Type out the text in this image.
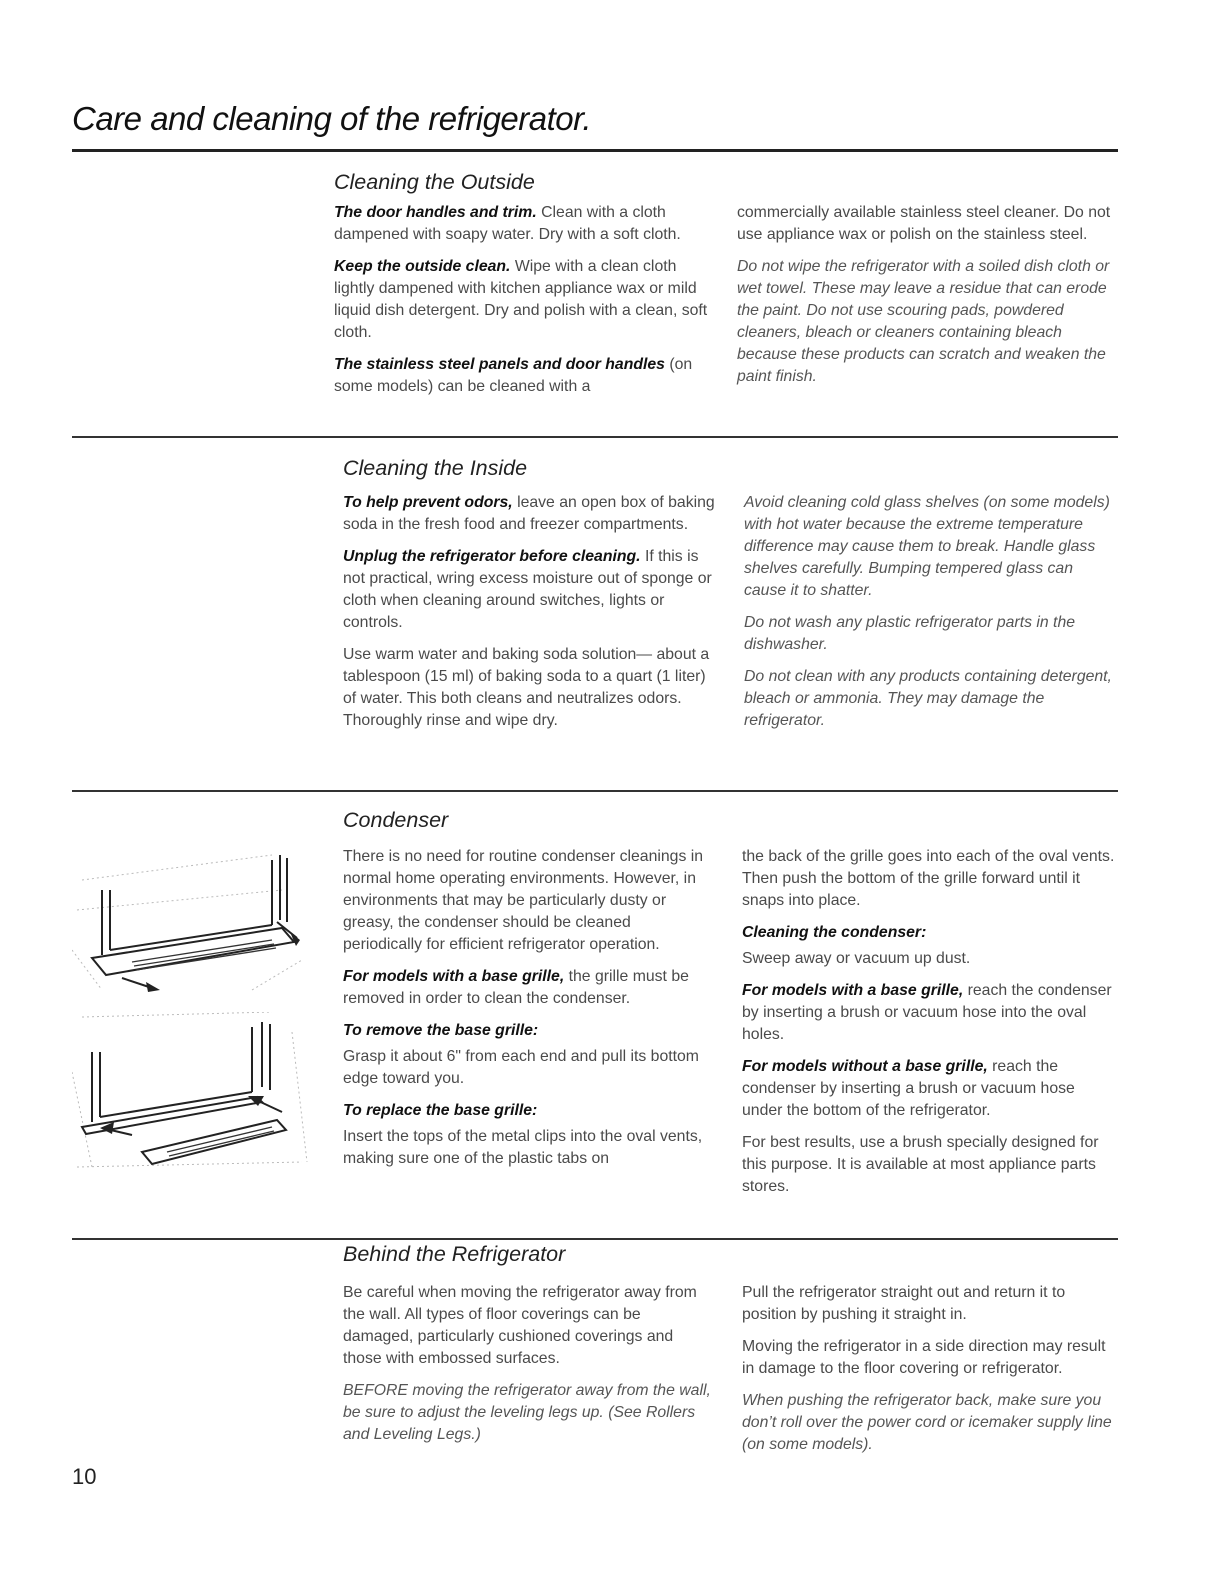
Care and cleaning of the refrigerator.
Cleaning the Outside

The door handles and trim. Clean with a cloth dampened with soapy water. Dry with a soft cloth.

Keep the outside clean. Wipe with a clean cloth lightly dampened with kitchen appliance wax or mild liquid dish detergent. Dry and polish with a clean, soft cloth.

The stainless steel panels and door handles (on some models) can be cleaned with a

commercially available stainless steel cleaner. Do not use appliance wax or polish on the stainless steel.

Do not wipe the refrigerator with a soiled dish cloth or wet towel. These may leave a residue that can erode the paint. Do not use scouring pads, powdered cleaners, bleach or cleaners containing bleach because these products can scratch and weaken the paint finish.

Cleaning the Inside

To help prevent odors, leave an open box of baking soda in the fresh food and freezer compartments.

Unplug the refrigerator before cleaning. If this is not practical, wring excess moisture out of sponge or cloth when cleaning around switches, lights or controls.

Use warm water and baking soda solution— about a tablespoon (15 ml) of baking soda to a quart (1 liter) of water. This both cleans and neutralizes odors. Thoroughly rinse and wipe dry.

Avoid cleaning cold glass shelves (on some models) with hot water because the extreme temperature difference may cause them to break. Handle glass shelves carefully. Bumping tempered glass can cause it to shatter.

Do not wash any plastic refrigerator parts in the dishwasher.

Do not clean with any products containing detergent, bleach or ammonia. They may damage the refrigerator.

Condenser

There is no need for routine condenser cleanings in normal home operating environments. However, in environments that may be particularly dusty or greasy, the condenser should be cleaned periodically for efficient refrigerator operation.

For models with a base grille, the grille must be removed in order to clean the condenser.

To remove the base grille:

Grasp it about 6" from each end and pull its bottom edge toward you.

To replace the base grille:

Insert the tops of the metal clips into the oval vents, making sure one of the plastic tabs on

the back of the grille goes into each of the oval vents. Then push the bottom of the grille forward until it snaps into place.

Cleaning the condenser:

Sweep away or vacuum up dust.

For models with a base grille, reach the condenser by inserting a brush or vacuum hose into the oval holes.

For models without a base grille, reach the condenser by inserting a brush or vacuum hose under the bottom of the refrigerator.

For best results, use a brush specially designed for this purpose. It is available at most appliance parts stores.

Behind the Refrigerator

Be careful when moving the refrigerator away from the wall. All types of floor coverings can be damaged, particularly cushioned coverings and those with embossed surfaces.

BEFORE moving the refrigerator away from the wall, be sure to adjust the leveling legs up. (See Rollers and Leveling Legs.)

Pull the refrigerator straight out and return it to position by pushing it straight in.

Moving the refrigerator in a side direction may result in damage to the floor covering or refrigerator.

When pushing the refrigerator back, make sure you don’t roll over the power cord or icemaker supply line (on some models).

10
